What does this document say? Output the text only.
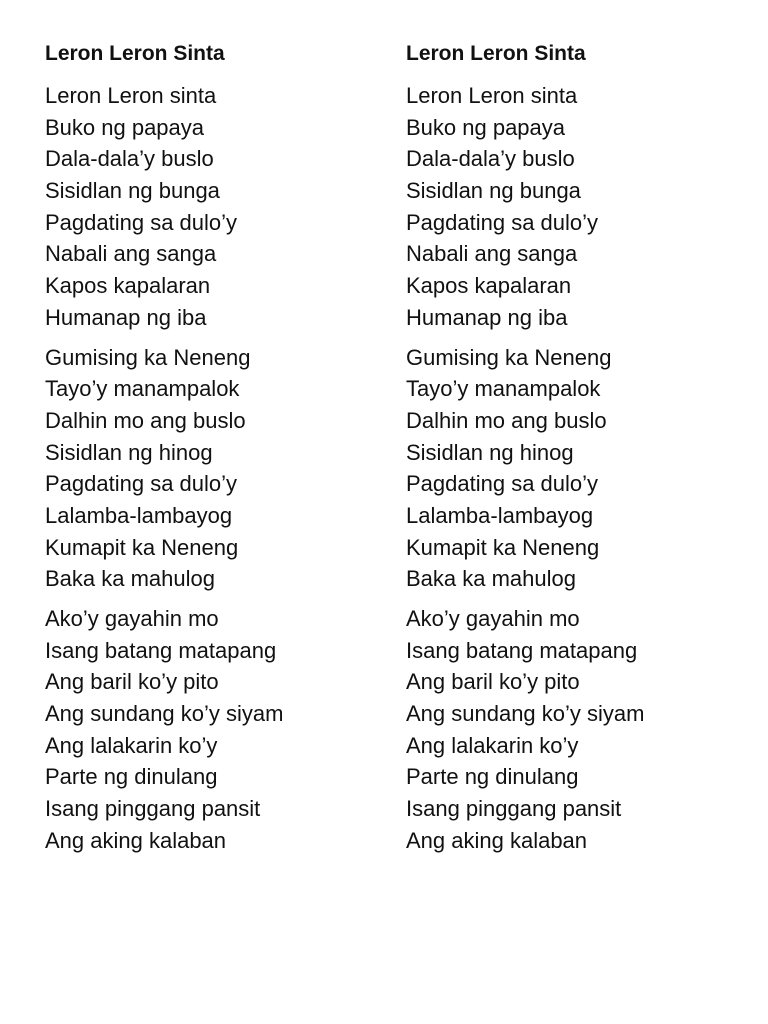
Leron Leron Sinta
Leron Leron sinta
Buko ng papaya
Dala-dala’y buslo
Sisidlan ng bunga
Pagdating sa dulo’y
Nabali ang sanga
Kapos kapalaran
Humanap ng iba
Gumising ka Neneng
Tayo’y manampalok
Dalhin mo ang buslo
Sisidlan ng hinog
Pagdating sa dulo’y
Lalamba-lambayog
Kumapit ka Neneng
Baka ka mahulog
Ako’y gayahin mo
Isang batang matapang
Ang baril ko’y pito
Ang sundang ko’y siyam
Ang lalakarin ko’y
Parte ng dinulang
Isang pinggang pansit
Ang aking kalaban
Leron Leron Sinta
Leron Leron sinta
Buko ng papaya
Dala-dala’y buslo
Sisidlan ng bunga
Pagdating sa dulo’y
Nabali ang sanga
Kapos kapalaran
Humanap ng iba
Gumising ka Neneng
Tayo’y manampalok
Dalhin mo ang buslo
Sisidlan ng hinog
Pagdating sa dulo’y
Lalamba-lambayog
Kumapit ka Neneng
Baka ka mahulog
Ako’y gayahin mo
Isang batang matapang
Ang baril ko’y pito
Ang sundang ko’y siyam
Ang lalakarin ko’y
Parte ng dinulang
Isang pinggang pansit
Ang aking kalaban
